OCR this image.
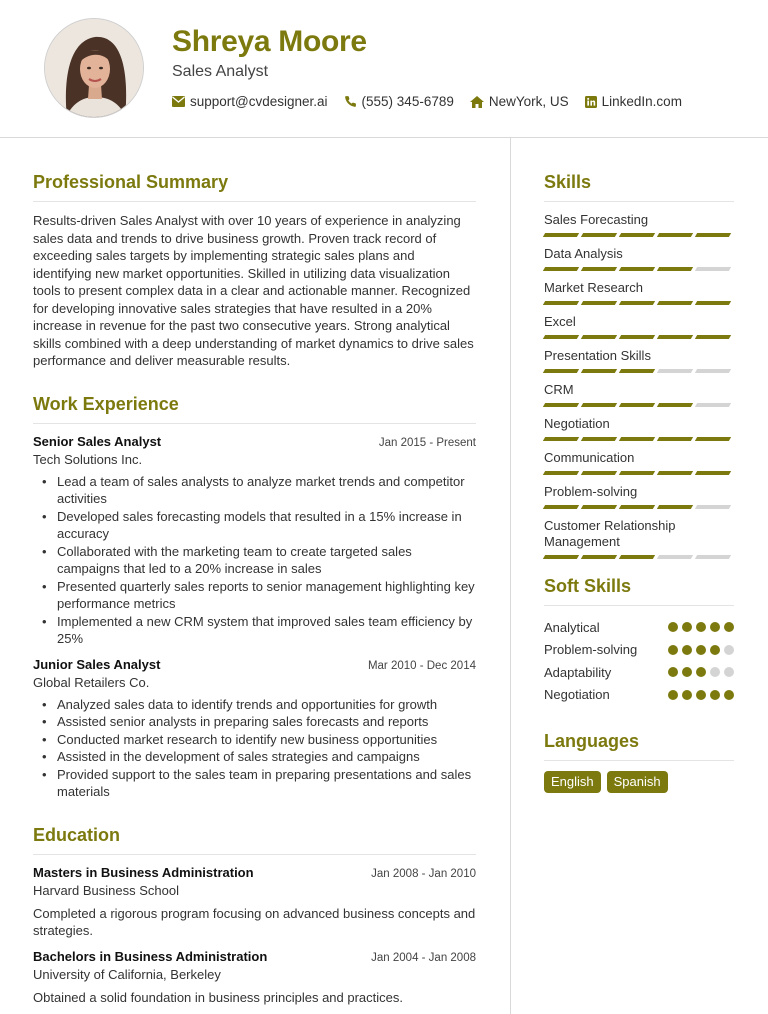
Shreya Moore
Sales Analyst
support@cvdesigner.ai	(555) 345-6789	NewYork, US LinkedIn.com
Professional Summary

Results-driven Sales Analyst with over 10 years of experience in analyzing sales data and trends to drive business growth. Proven track record of exceeding sales targets by implementing strategic sales plans and identifying new market opportunities. Skilled in utilizing data visualization tools to present complex data in a clear and actionable manner. Recognized for developing innovative sales strategies that have resulted in a 20% increase in revenue for the past two consecutive years. Strong analytical skills combined with a deep understanding of market dynamics to drive sales performance and deliver measurable results.

Work Experience
Senior Sales Analyst	Jan 2015 - Present
Tech Solutions Inc.
• Lead a team of sales analysts to analyze market trends and competitor activities
• Developed sales forecasting models that resulted in a 15% increase in accuracy
• Collaborated with the marketing team to create targeted sales campaigns that led to a 20% increase in sales
• Presented quarterly sales reports to senior management highlighting key performance metrics
• Implemented a new CRM system that improved sales team efficiency by 25%
Junior Sales Analyst	Mar 2010 - Dec 2014
Global Retailers Co.
• Analyzed sales data to identify trends and opportunities for growth
• Assisted senior analysts in preparing sales forecasts and reports
• Conducted market research to identify new business opportunities
• Assisted in the development of sales strategies and campaigns
• Provided support to the sales team in preparing presentations and sales materials
Education
Masters in Business Administration	Jan 2008 - Jan 2010
Harvard Business School

Completed a rigorous program focusing on advanced business concepts and strategies.

Bachelors in Business Administration	Jan 2004 - Jan 2008
University of California, Berkeley

Obtained a solid foundation in business principles and practices.

Skills
Sales Forecasting
Data Analysis
Market Research
Excel
Presentation Skills
CRM
Negotiation
Communication
Problem-solving
Customer Relationship Management
Soft Skills
Analytical
Problem-solving
Adaptability
Negotiation
Languages
English	Spanish
